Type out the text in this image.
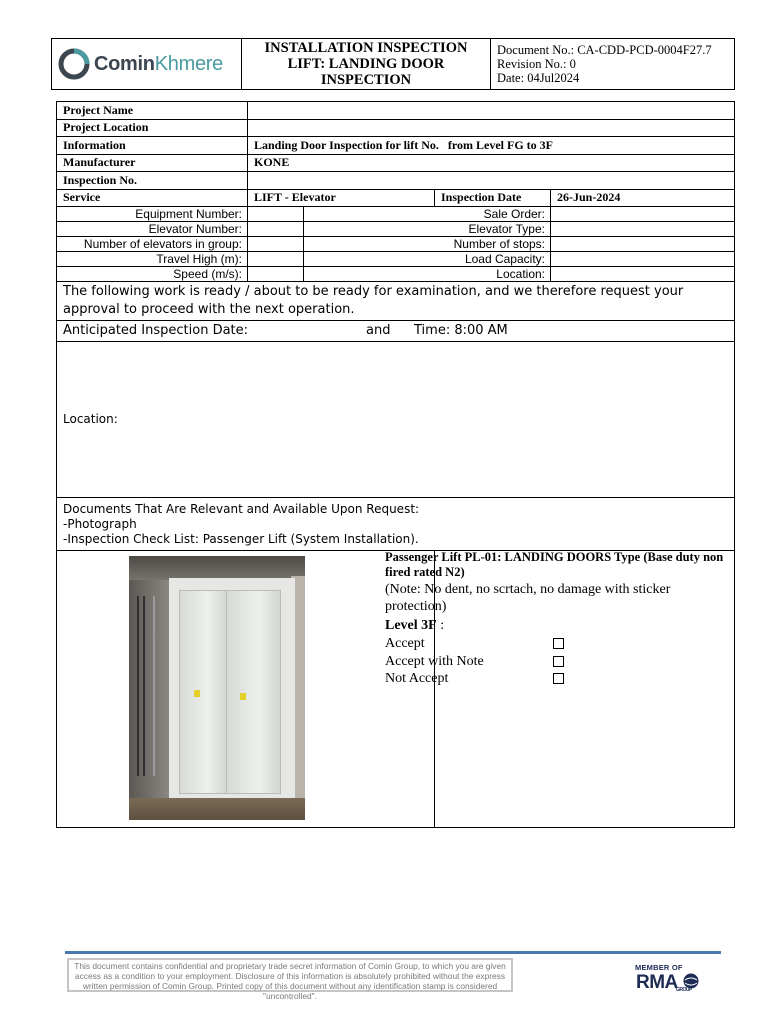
CominKhmere
INSTALLATION INSPECTION
LIFT: LANDING DOOR INSPECTION
Document No.: CA-CDD-PCD-0004F27.7
Revision No.: 0
Date: 04Jul2024
Project Name				
Project Location				
Information	Landing Door Inspection for lift No.   from Level FG to 3F			
Manufacturer	KONE			
Inspection No.				
Service	LIFT - Elevator		Inspection Date	26-Jun-2024
Equipment Number:		Sale Order:		
Elevator Number:		Elevator Type:		
Number of elevators in group:		Number of stops:		
Travel High (m):		Load Capacity:		
Speed (m/s):		Location:		
The following work is ready / about to be ready for examination, and we therefore request your approval to proceed with the next operation.				
Anticipated Inspection Date: and Time: 8:00 AM				

Location:				

Documents That Are Relevant and Available Upon Request:
-Photograph
-Inspection Check List: Passenger Lift (System Installation).				

Passenger Lift PL-01: LANDING DOORS Type (Base duty non fired rated N2)
(Note: No dent, no scrtach, no damage with sticker protection)
Level 3F :
Accept
Accept with Note
Not Accept
This document contains confidential and proprietary trade secret information of Comin Group, to which you are given access as a condition to your employment. Disclosure of this information is absolutely prohibited without the express written permission of Comin Group. Printed copy of this document without any identification stamp is considered "uncontrolled".
MEMBER OF
RMA
GROUP
